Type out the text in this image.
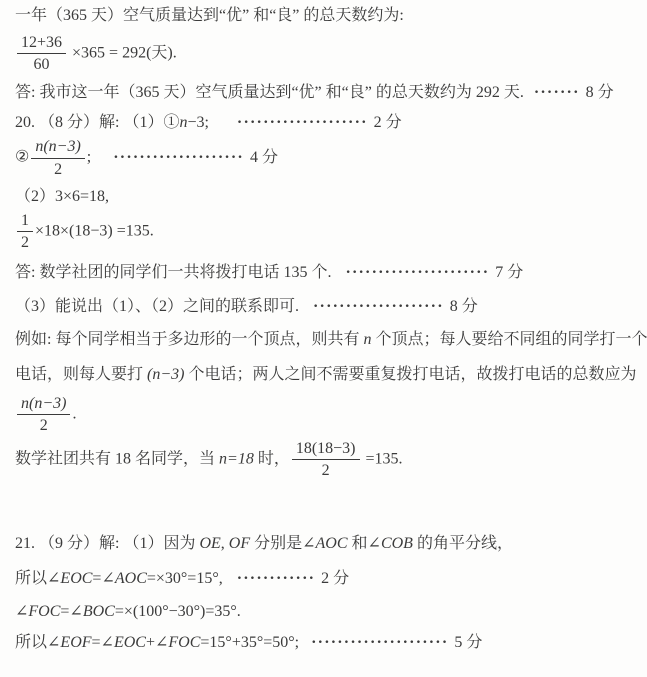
一年（365 天）空气质量达到“优” 和“良” 的总天数约为:
$\frac{12+36}{60} \times 365 = 292$(天).
答: 我市这一年（365 天）空气质量达到“优” 和“良” 的总天数约为 292 天. ······· 8 分
20. （8 分）解: （1）①n−3; ···················· 2 分
② $\frac{n(n-3)}{2}$ ; ···················· 4 分
（2）3×6=18,
$\frac{1}{2} \times 18\times(18-3) =135$.
答: 数学社团的同学们一共将拨打电话 135 个. ······················ 7 分
（3）能说出（1）、（2）之间的联系即可. ···················· 8 分
例如: 每个同学相当于多边形的一个顶点，则共有 n 个顶点；每人要给不同组的同学打一个
电话，则每人要打 (n−3) 个电话；两人之间不需要重复拨打电话，故拨打电话的总数应为
$\frac{n(n-3)}{2}$ .
数学社团共有 18 名同学，当 n=18 时， $\frac{18(18-3)}{2} =135$.
21. （9 分）解: （1）因为 OE, OF 分别是∠AOC 和∠COB 的角平分线，
所以∠EOC=∠AOC=×30°=15°, ············ 2 分
∠FOC=∠BOC=×(100°−30°)=35°.
所以∠EOF=∠EOC+∠FOC=15°+35°=50°; ····················· 5 分
